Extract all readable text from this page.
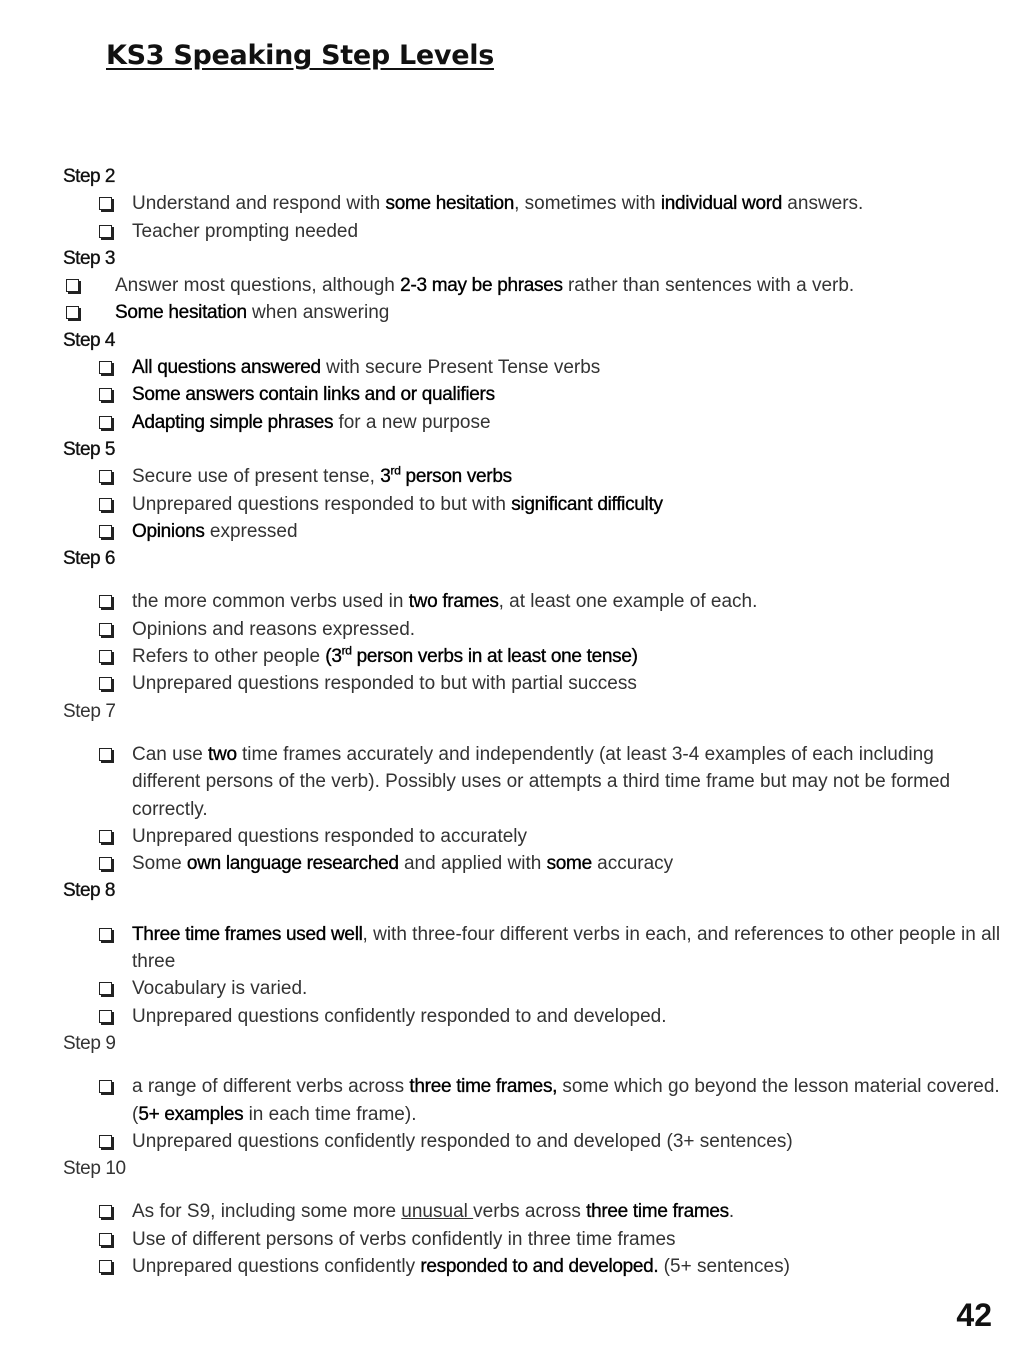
KS3 Speaking Step Levels
Step 2
Understand and respond with some hesitation, sometimes with individual word answers.
Teacher prompting needed
Step 3
Answer most questions, although 2-3 may be phrases rather than sentences with a verb.
Some hesitation when answering
Step 4
All questions answered with secure Present Tense verbs
Some answers contain links and or qualifiers
Adapting simple phrases for a new purpose
Step 5
Secure use of present tense, 3rd person verbs
Unprepared questions responded to but with significant difficulty
Opinions expressed
Step 6
the more common verbs used in two frames, at least one example of each.
Opinions and reasons expressed.
Refers to other people (3rd person verbs in at least one tense)
Unprepared questions responded to but with partial success
Step 7
Can use two time frames accurately and independently (at least 3-4 examples of each including different persons of the verb). Possibly uses or attempts a third time frame but may not be formed correctly.
Unprepared questions responded to accurately
Some own language researched and applied with some accuracy
Step 8
Three time frames used well, with three-four different verbs in each, and references to other people in all three
Vocabulary is varied.
Unprepared questions confidently responded to and developed.
Step 9
a range of different verbs across three time frames, some which go beyond the lesson material covered. (5+ examples in each time frame).
Unprepared questions confidently responded to and developed (3+ sentences)
Step 10
As for S9, including some more unusual verbs across three time frames.
Use of different persons of verbs confidently in three time frames
Unprepared questions confidently responded to and developed. (5+ sentences)
42
